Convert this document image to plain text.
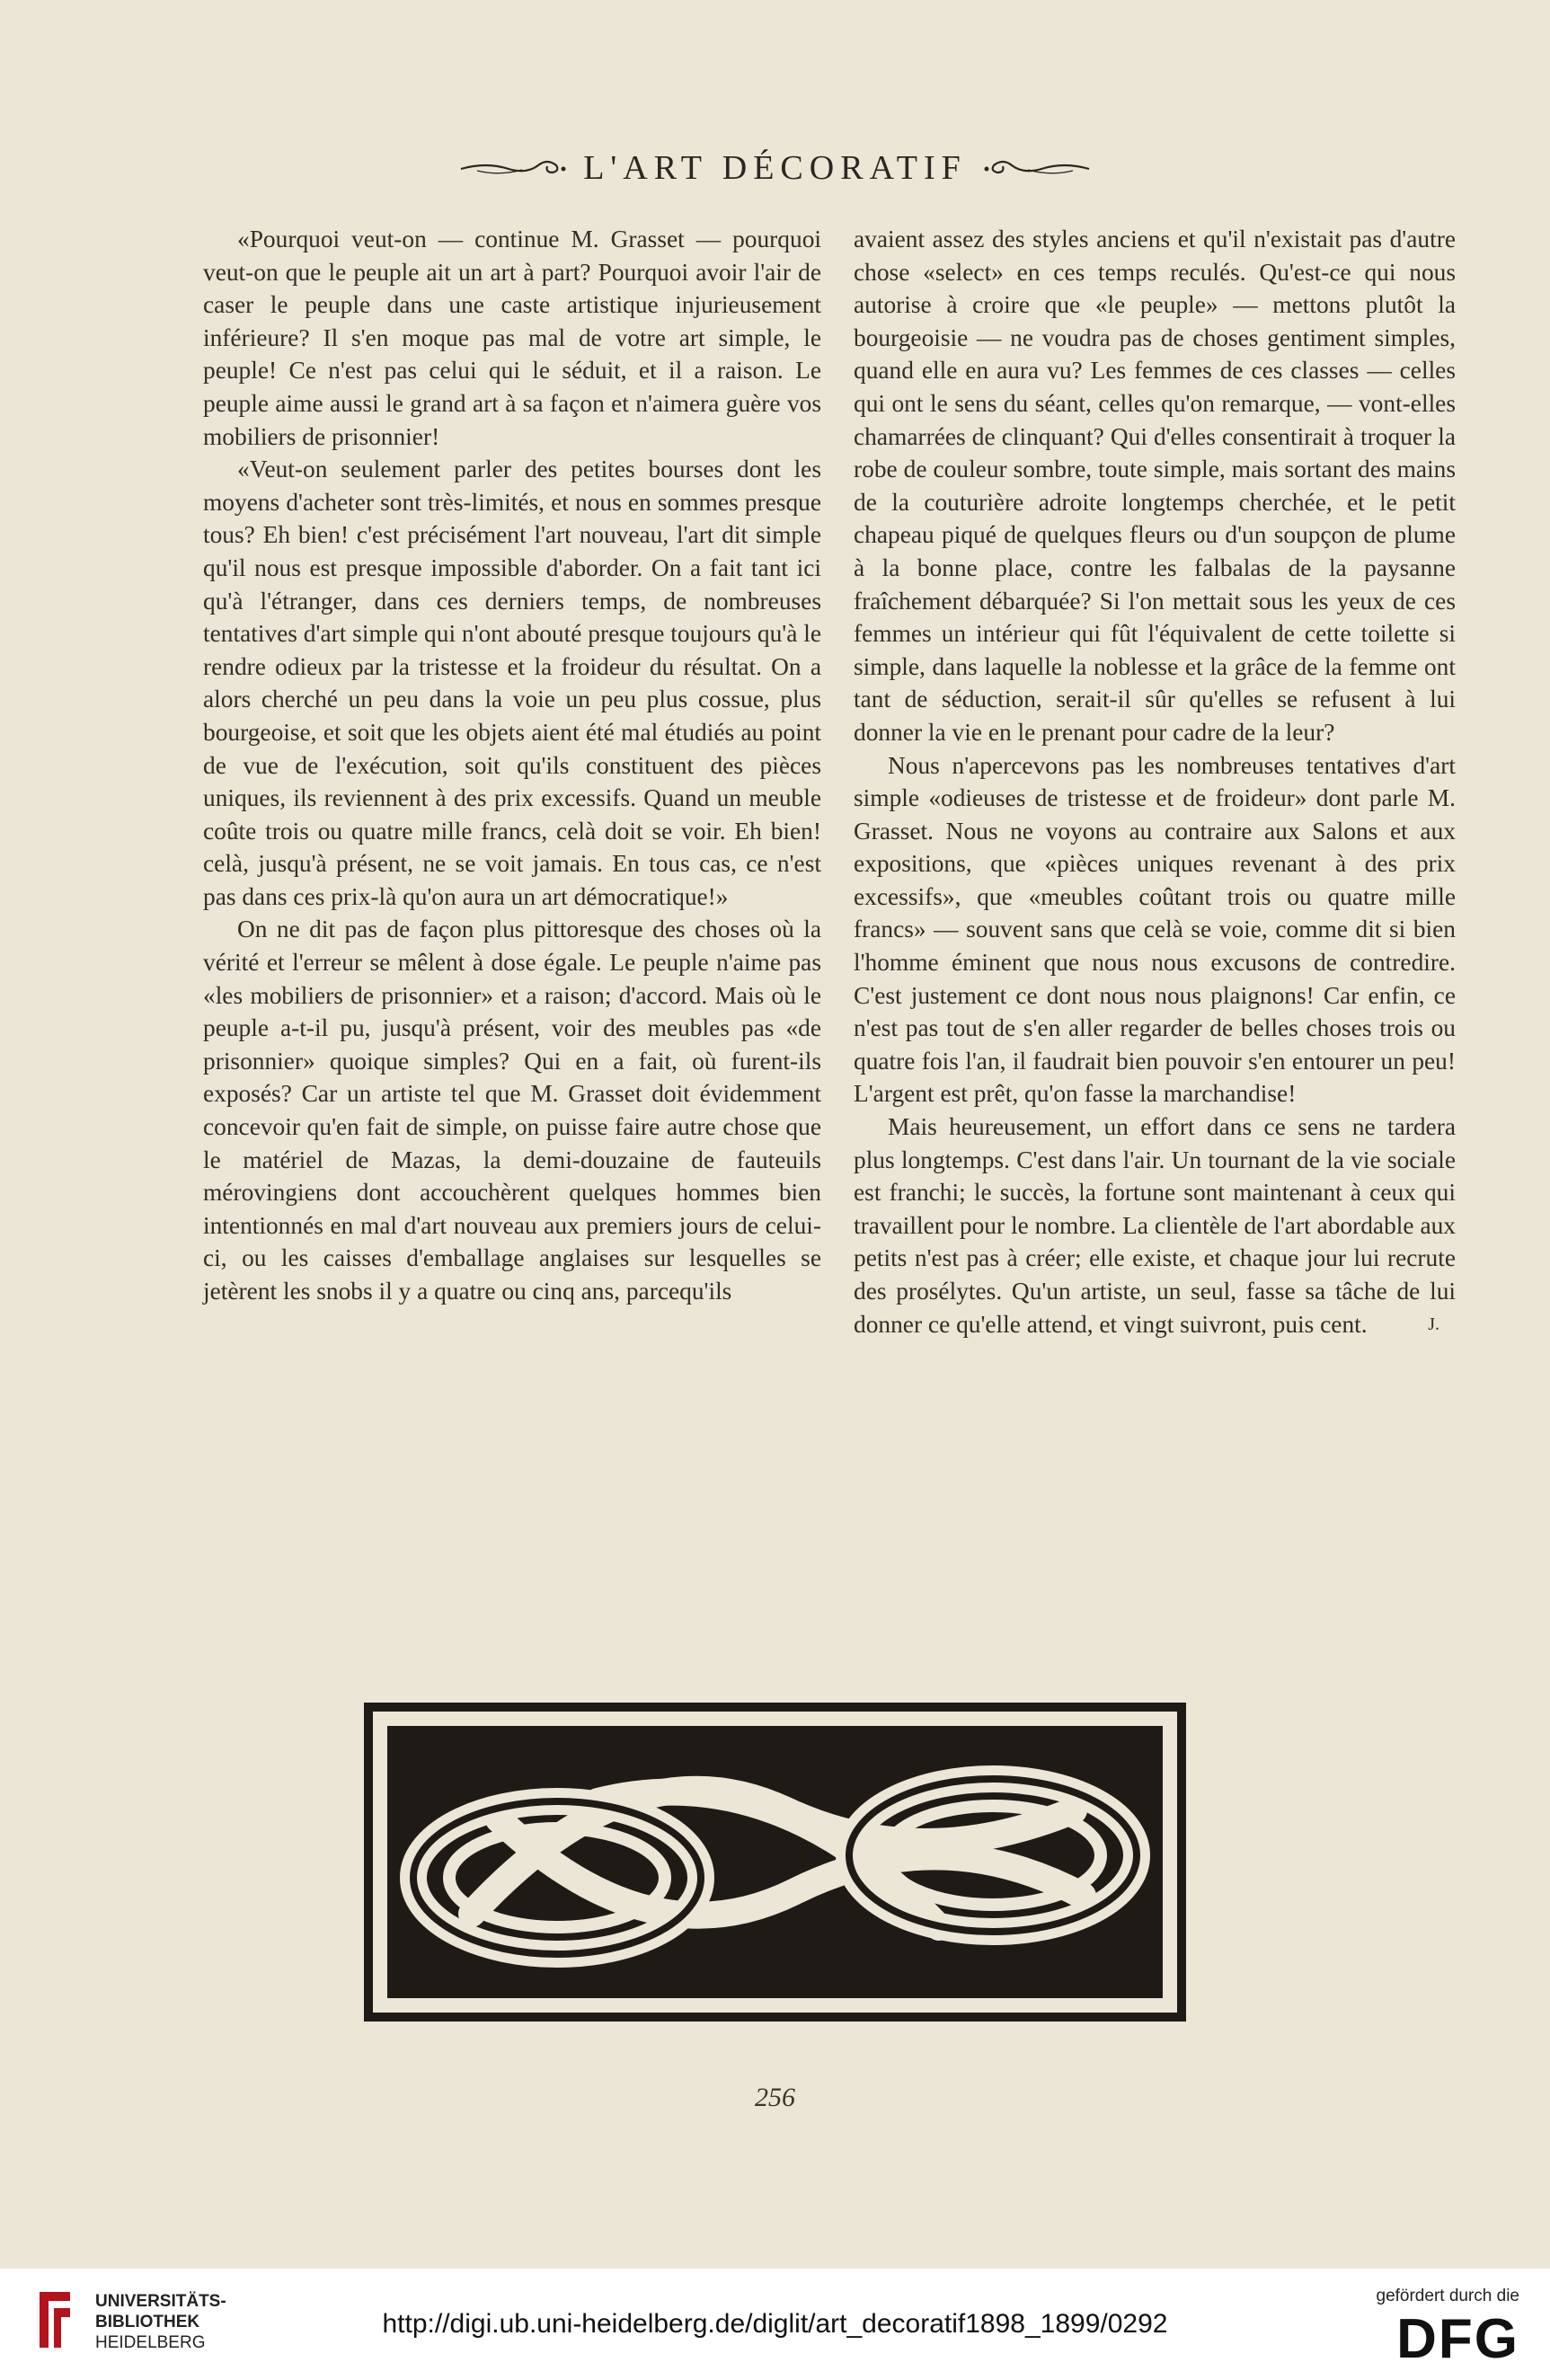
L'ART DÉCORATIF

«Pourquoi veut-on — continue M. Grasset — pourquoi veut-on que le peuple ait un art à part? Pourquoi avoir l'air de caser le peuple dans une caste artistique injurieusement inférieure? Il s'en moque pas mal de votre art simple, le peuple! Ce n'est pas celui qui le séduit, et il a raison. Le peuple aime aussi le grand art à sa façon et n'aimera guère vos mobiliers de prisonnier!

«Veut-on seulement parler des petites bourses dont les moyens d'acheter sont très-limités, et nous en sommes presque tous? Eh bien! c'est précisément l'art nouveau, l'art dit simple qu'il nous est presque impossible d'aborder. On a fait tant ici qu'à l'étranger, dans ces derniers temps, de nombreuses tentatives d'art simple qui n'ont abouté presque toujours qu'à le rendre odieux par la tristesse et la froideur du résultat. On a alors cherché un peu dans la voie un peu plus cossue, plus bourgeoise, et soit que les objets aient été mal étudiés au point de vue de l'exécution, soit qu'ils constituent des pièces uniques, ils reviennent à des prix excessifs. Quand un meuble coûte trois ou quatre mille francs, celà doit se voir. Eh bien! celà, jusqu'à présent, ne se voit jamais. En tous cas, ce n'est pas dans ces prix-là qu'on aura un art démocratique!»

On ne dit pas de façon plus pittoresque des choses où la vérité et l'erreur se mêlent à dose égale. Le peuple n'aime pas «les mobiliers de prisonnier» et a raison; d'accord. Mais où le peuple a-t-il pu, jusqu'à présent, voir des meubles pas «de prisonnier» quoique simples? Qui en a fait, où furent-ils exposés? Car un artiste tel que M. Grasset doit évidemment concevoir qu'en fait de simple, on puisse faire autre chose que le matériel de Mazas, la demi-douzaine de fauteuils mérovingiens dont accouchèrent quelques hommes bien intentionnés en mal d'art nouveau aux premiers jours de celui-ci, ou les caisses d'emballage anglaises sur lesquelles se jetèrent les snobs il y a quatre ou cinq ans, parcequ'ils

avaient assez des styles anciens et qu'il n'existait pas d'autre chose «select» en ces temps reculés. Qu'est-ce qui nous autorise à croire que «le peuple» — mettons plutôt la bourgeoisie — ne voudra pas de choses gentiment simples, quand elle en aura vu? Les femmes de ces classes — celles qui ont le sens du séant, celles qu'on remarque, — vont-elles chamarrées de clinquant? Qui d'elles consentirait à troquer la robe de couleur sombre, toute simple, mais sortant des mains de la couturière adroite longtemps cherchée, et le petit chapeau piqué de quelques fleurs ou d'un soupçon de plume à la bonne place, contre les falbalas de la paysanne fraîchement débarquée? Si l'on mettait sous les yeux de ces femmes un intérieur qui fût l'équivalent de cette toilette si simple, dans laquelle la noblesse et la grâce de la femme ont tant de séduction, serait-il sûr qu'elles se refusent à lui donner la vie en le prenant pour cadre de la leur?

Nous n'apercevons pas les nombreuses tentatives d'art simple «odieuses de tristesse et de froideur» dont parle M. Grasset. Nous ne voyons au contraire aux Salons et aux expositions, que «pièces uniques revenant à des prix excessifs», que «meubles coûtant trois ou quatre mille francs» — souvent sans que celà se voie, comme dit si bien l'homme éminent que nous nous excusons de contredire. C'est justement ce dont nous nous plaignons! Car enfin, ce n'est pas tout de s'en aller regarder de belles choses trois ou quatre fois l'an, il faudrait bien pouvoir s'en entourer un peu! L'argent est prêt, qu'on fasse la marchandise!

Mais heureusement, un effort dans ce sens ne tardera plus longtemps. C'est dans l'air. Un tournant de la vie sociale est franchi; le succès, la fortune sont maintenant à ceux qui travaillent pour le nombre. La clientèle de l'art abordable aux petits n'est pas à créer; elle existe, et chaque jour lui recrute des prosélytes. Qu'un artiste, un seul, fasse sa tâche de lui donner ce qu'elle attend, et vingt suivront, puis cent.	J.

256
UNIVERSITÄTS-
BIBLIOTHEK
HEIDELBERG
http://digi.ub.uni-heidelberg.de/diglit/art_decoratif1898_1899/0292
gefördert durch die
DFG
